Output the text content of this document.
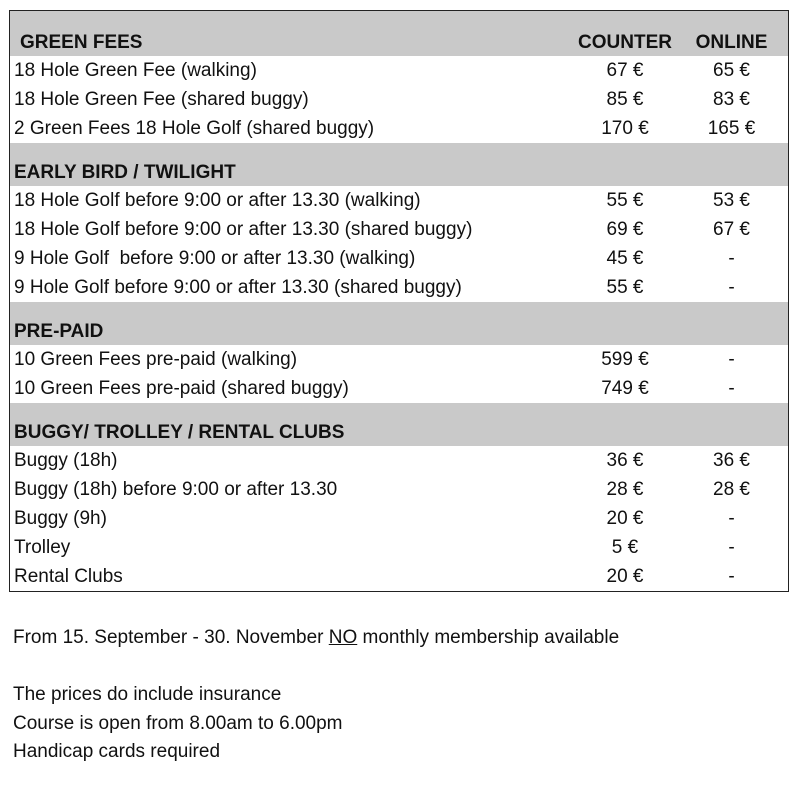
GREEN FEES	COUNTER	ONLINE
18 Hole Green Fee (walking)	67 €	65 €
18 Hole Green Fee (shared buggy)	85 €	83 €
2 Green Fees 18 Hole Golf (shared buggy)	170 €	165 €
EARLY BIRD / TWILIGHT
18 Hole Golf before 9:00 or after 13.30 (walking)	55 €	53 €
18 Hole Golf before 9:00 or after 13.30 (shared buggy)	69 €	67 €
9 Hole Golf  before 9:00 or after 13.30 (walking)	45 €	-
9 Hole Golf before 9:00 or after 13.30 (shared buggy)	55 €	-
PRE-PAID
10 Green Fees pre-paid (walking)	599 €	-
10 Green Fees pre-paid (shared buggy)	749 €	-
BUGGY/ TROLLEY / RENTAL CLUBS
Buggy (18h)	36 €	36 €
Buggy (18h) before 9:00 or after 13.30	28 €	28 €
Buggy (9h)	20 €	-
Trolley	5 €	-
Rental Clubs	20 €	-

From 15. September - 30. November NO monthly membership available

The prices do include insurance

Course is open from 8.00am to 6.00pm

Handicap cards required
